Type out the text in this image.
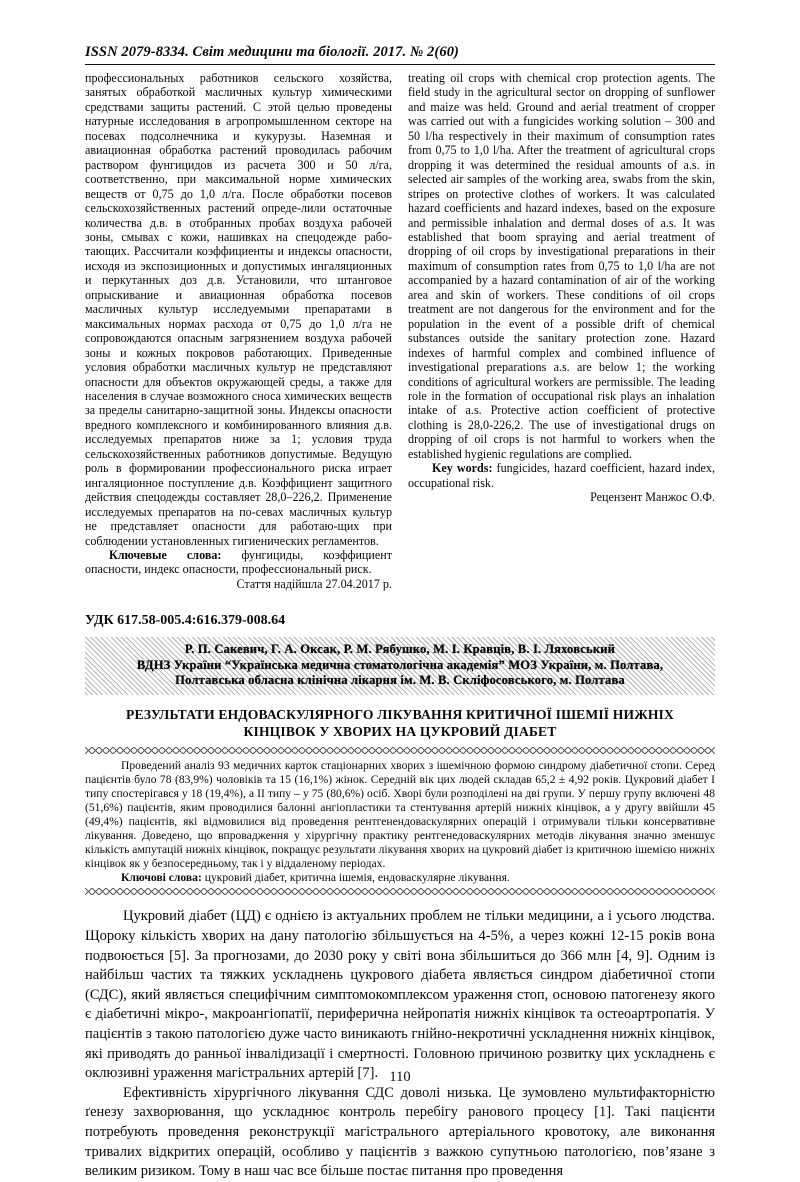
ISSN 2079-8334. Світ медицини та біології. 2017. № 2(60)

профессиональных работников сельского хозяйства, занятых обработкой масличных культур химическими средствами защиты растений. С этой целью проведены натурные исследования в агропромышленном секторе на посевах подсолнечника и кукурузы. Наземная и авиационная обработка растений проводилась рабочим раствором фунгицидов из расчета 300 и 50 л/га, соответственно, при максимальной норме химических веществ от 0,75 до 1,0 л/га. После обработки посевов сельскохозяйственных растений опреде-лили остаточные количества д.в. в отобранных пробах воздуха рабочей зоны, смывах с кожи, нашивках на спецодежде рабо-тающих. Рассчитали коэффициенты и индексы опасности, исходя из экспозиционных и допустимых ингаляционных и перкутанных доз д.в. Установили, что штанговое опрыскивание и авиационная обработка посевов масличных культур исследуемыми препаратами в максимальных нормах расхода от 0,75 до 1,0 л/га не сопровождаются опасным загрязнением воздуха рабочей зоны и кожных покровов работающих. Приведенные условия обработки масличных культур не представляют опасности для объектов окружающей среды, а также для населения в случае возможного сноса химических веществ за пределы санитарно-защитной зоны. Индексы опасности вредного комплексного и комбинированного влияния д.в. исследуемых препаратов ниже за 1; условия труда сельскохозяйственных работников допустимые. Ведущую роль в формировании профессионального риска играет ингаляционное поступление д.в. Коэффициент защитного действия спецодежды составляет 28,0–226,2. Применение исследуемых препаратов на по-севах масличных культур не представляет опасности для работаю-щих при соблюдении установленных гигиенических регламентов.

Ключевые слова: фунгициды, коэффициент опасности, индекс опасности, профессиональный риск.

Стаття надійшла 27.04.2017 р.

treating oil crops with chemical crop protection agents. The field study in the agricultural sector on dropping of sunflower and maize was held. Ground and aerial treatment of cropper was carried out with a fungicides working solution – 300 and 50 l/ha respectively in their maximum of consumption rates from 0,75 to 1,0 l/ha. After the treatment of agricultural crops dropping it was determined the residual amounts of a.s. in selected air samples of the working area, swabs from the skin, stripes on protective clothes of workers. It was calculated hazard coefficients and hazard indexes, based on the exposure and permissible inhalation and dermal doses of a.s. It was established that boom spraying and aerial treatment of dropping of oil crops by investigational preparations in their maximum of consumption rates from 0,75 to 1,0 l/ha are not accompanied by a hazard contamination of air of the working area and skin of workers. These conditions of oil crops treatment are not dangerous for the environment and for the population in the event of a possible drift of chemical substances outside the sanitary protection zone. Hazard indexes of harmful complex and combined influence of investigational preparations a.s. are below 1; the working conditions of agricultural workers are permissible. The leading role in the formation of occupational risk plays an inhalation intake of a.s. Protective action coefficient of protective clothing is 28,0-226,2. The use of investigational drugs on dropping of oil crops is not harmful to workers when the established hygienic regulations are complied.

Key words: fungicides, hazard coefficient, hazard index, occupational risk.

Рецензент Манжос О.Ф.

УДК 617.58-005.4:616.379-008.64
Р. П. Сакевич, Г. А. Оксак, Р. М. Рябушко, М. І. Кравців, В. І. Ляховський
ВДНЗ України “Українська медична стоматологічна академія” МОЗ України, м. Полтава,
Полтавська обласна клінічна лікарня ім. М. В. Скліфосовського, м. Полтава
РЕЗУЛЬТАТИ ЕНДОВАСКУЛЯРНОГО ЛІКУВАННЯ КРИТИЧНОЇ ІШЕМІЇ НИЖНІХ
КІНЦІВОК У ХВОРИХ НА ЦУКРОВИЙ ДІАБЕТ

Проведений аналіз 93 медичних карток стаціонарних хворих з ішемічною формою синдрому діабетичної стопи. Серед пацієнтів було 78 (83,9%) чоловіків та 15 (16,1%) жінок. Середній вік цих людей складав 65,2 ± 4,92 років. Цукровий діабет І типу спостерігався у 18 (19,4%), а ІІ типу – у 75 (80,6%) осіб. Хворі були розподілені на дві групи. У першу групу включені 48 (51,6%) пацієнтів, яким проводилися балонні ангіопластики та стентування артерій нижніх кінцівок, а у другу ввійшли 45 (49,4%) пацієнтів, які відмовилися від проведення рентгенендоваскулярних операцій і отримували тільки консервативне лікування. Доведено, що впровадження у хірургічну практику рентгенедоваскулярних методів лікування значно зменшує кількість ампутацій нижніх кінцівок, покращує результати лікування хворих на цукровий діабет із критичною ішемією нижніх кінцівок як у безпосередньому, так і у віддаленому періодах.

Ключові слова: цукровий діабет, критична ішемія, ендоваскулярне лікування.

Цукровий діабет (ЦД) є однією із актуальних проблем не тільки медицини, а і усього людства. Щороку кількість хворих на дану патологію збільшується на 4-5%, а через кожні 12-15 років вона подвоюється [5]. За прогнозами, до 2030 року у світі вона збільшиться до 366 млн [4, 9]. Одним із найбільш частих та тяжких ускладнень цукрового діабета являється синдром діабетичної стопи (СДС), який являється специфічним симптомокомплексом ураження стоп, основою патогенезу якого є діабетичні мікро-, макроангіопатії, периферична нейропатія нижніх кінцівок та остеоартропатія. У пацієнтів з такою патологією дуже часто виникають гнійно-некротичні ускладнення нижніх кінцівок, які приводять до ранньої інвалідизації і смертності. Головною причиною розвитку цих ускладнень є оклюзивні ураження магістральних артерій [7].

Ефективність хірургічного лікування СДС доволі низька. Це зумовлено мультифакторністю ґенезу захворювання, що ускладнює контроль перебігу ранового процесу [1]. Такі пацієнти потребують проведення реконструкції магістрального артеріального кровотоку, але виконання тривалих відкритих операцій, особливо у пацієнтів з важкою супутньою патологією, пов’язане з великим ризиком. Тому в наш час все більше постає питання про проведення

110
